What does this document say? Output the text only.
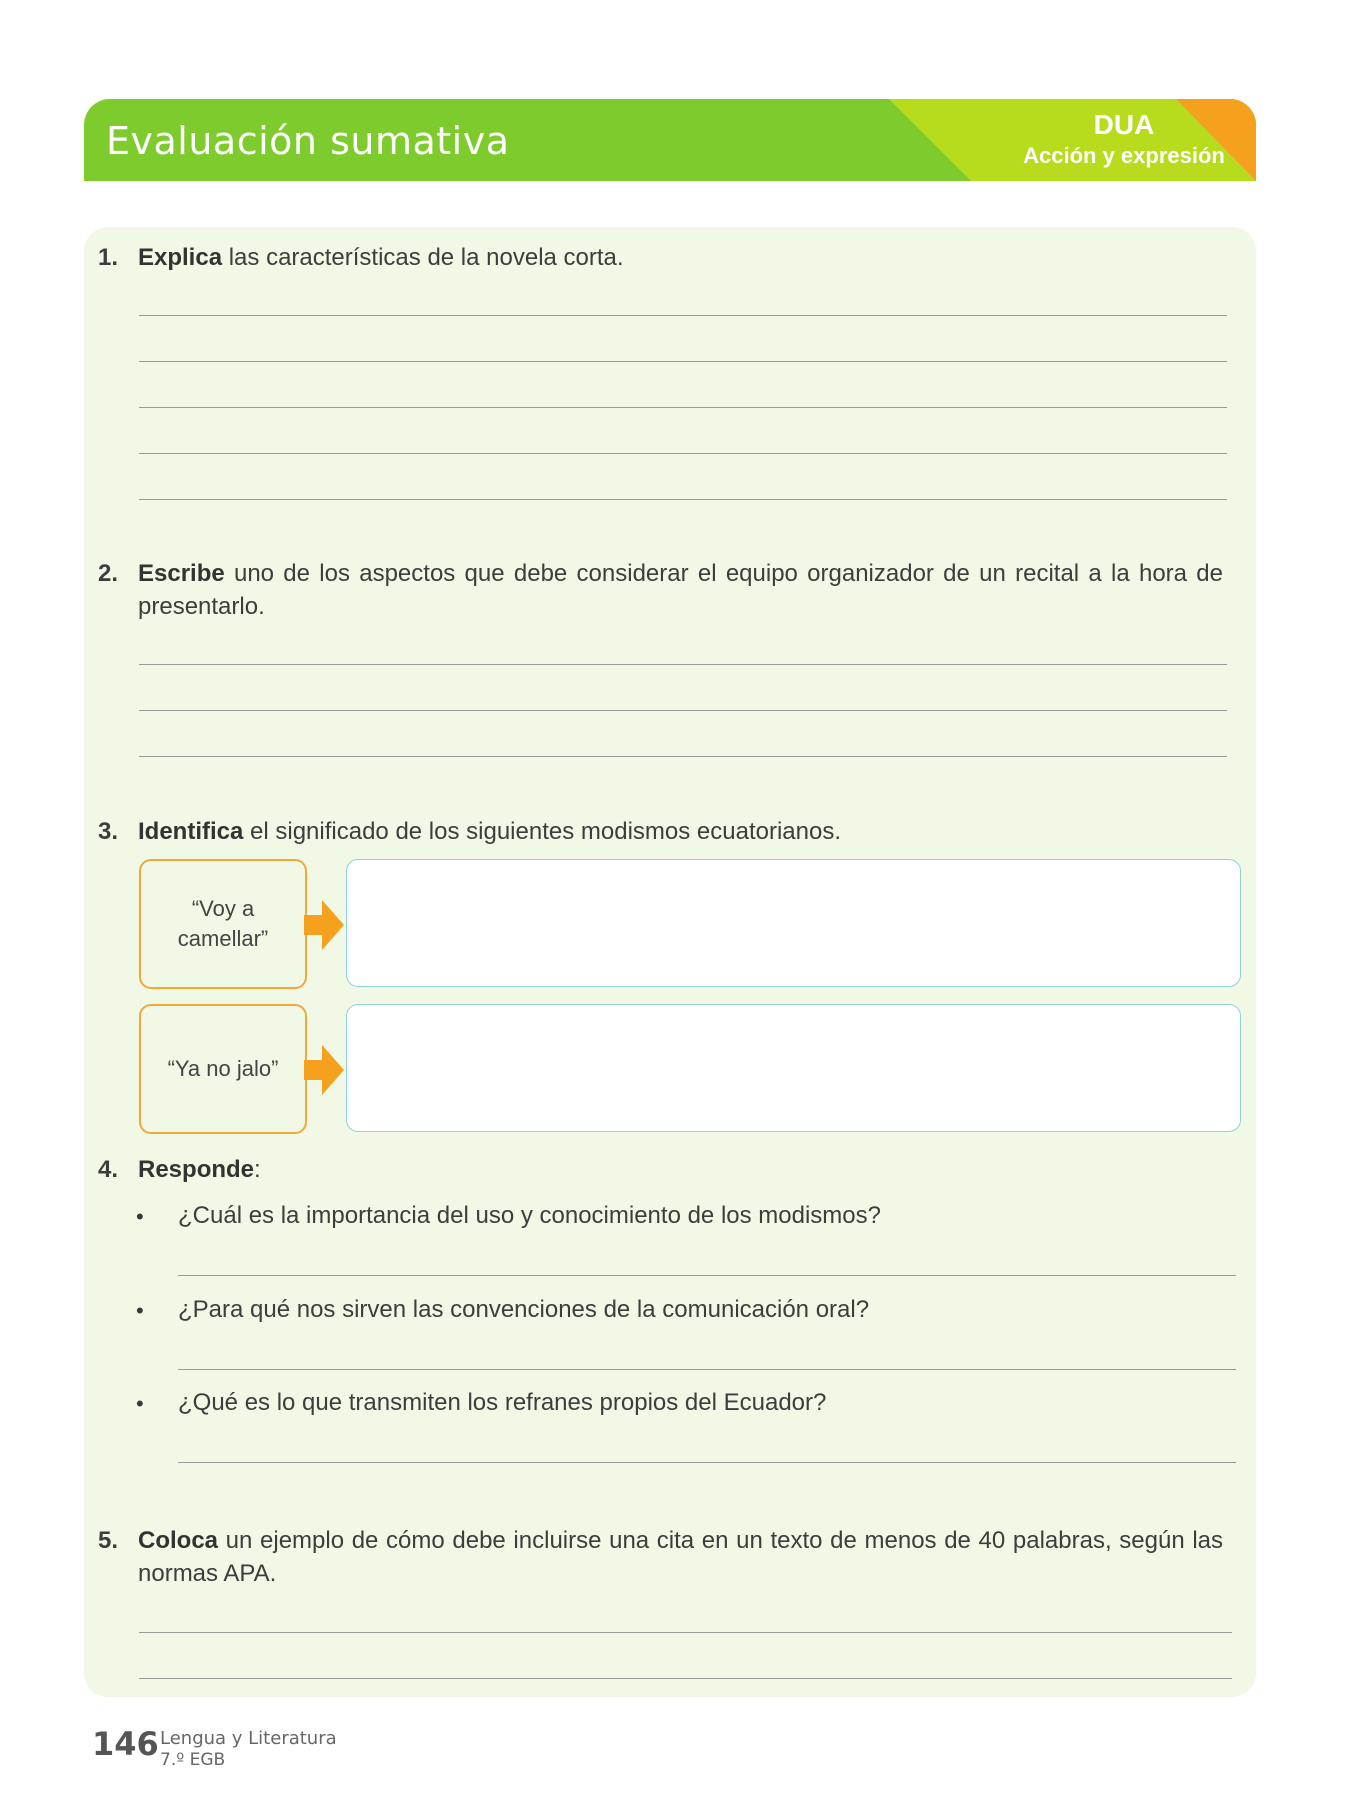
Evaluación sumativa	DUA
Acción y expresión
1. Explica las características de la novela corta.
2. Escribe uno de los aspectos que debe considerar el equipo organizador de un recital a la hora de presentarlo.
3. Identifica el significado de los siguientes modismos ecuatorianos.
“Voy a camellar”
“Ya no jalo”
4. Responde:
• ¿Cuál es la importancia del uso y conocimiento de los modismos?
• ¿Para qué nos sirven las convenciones de la comunicación oral?
• ¿Qué es lo que transmiten los refranes propios del Ecuador?
5. Coloca un ejemplo de cómo debe incluirse una cita en un texto de menos de 40 palabras, según las normas APA.
146 Lengua y Literatura
7.º EGB
